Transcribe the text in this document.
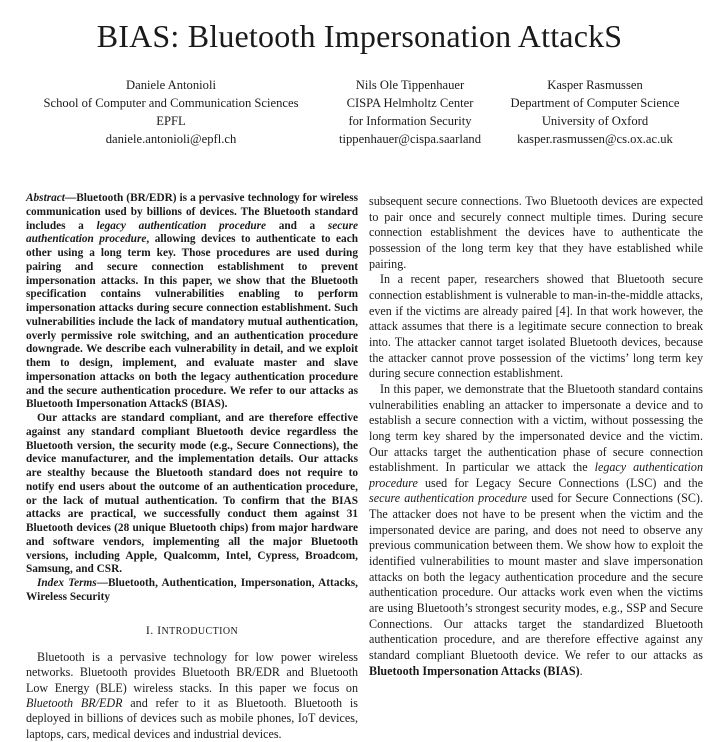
BIAS: Bluetooth Impersonation AttackS
Daniele Antonioli
School of Computer and Communication Sciences
EPFL
daniele.antonioli@epfl.ch
Nils Ole Tippenhauer
CISPA Helmholtz Center
for Information Security
tippenhauer@cispa.saarland
Kasper Rasmussen
Department of Computer Science
University of Oxford
kasper.rasmussen@cs.ox.ac.uk

Abstract—Bluetooth (BR/EDR) is a pervasive technology for wireless communication used by billions of devices. The Bluetooth standard includes a legacy authentication procedure and a secure authentication procedure, allowing devices to authenticate to each other using a long term key. Those procedures are used during pairing and secure connection establishment to prevent impersonation attacks. In this paper, we show that the Bluetooth specification contains vulnerabilities enabling to perform impersonation attacks during secure connection establishment. Such vulnerabilities include the lack of mandatory mutual authentication, overly permissive role switching, and an authentication procedure downgrade. We describe each vulnerability in detail, and we exploit them to design, implement, and evaluate master and slave impersonation attacks on both the legacy authentication procedure and the secure authentication procedure. We refer to our attacks as Bluetooth Impersonation AttackS (BIAS).

Our attacks are standard compliant, and are therefore effective against any standard compliant Bluetooth device regardless the Bluetooth version, the security mode (e.g., Secure Connections), the device manufacturer, and the implementation details. Our attacks are stealthy because the Bluetooth standard does not require to notify end users about the outcome of an authentication procedure, or the lack of mutual authentication. To confirm that the BIAS attacks are practical, we successfully conduct them against 31 Bluetooth devices (28 unique Bluetooth chips) from major hardware and software vendors, implementing all the major Bluetooth versions, including Apple, Qualcomm, Intel, Cypress, Broadcom, Samsung, and CSR.

Index Terms—Bluetooth, Authentication, Impersonation, Attacks, Wireless Security

I. INTRODUCTION

Bluetooth is a pervasive technology for low power wireless networks. Bluetooth provides Bluetooth BR/EDR and Bluetooth Low Energy (BLE) wireless stacks. In this paper we focus on Bluetooth BR/EDR and refer to it as Bluetooth. Bluetooth is deployed in billions of devices such as mobile phones, IoT devices, laptops, cars, medical devices and industrial devices.

subsequent secure connections. Two Bluetooth devices are expected to pair once and securely connect multiple times. During secure connection establishment the devices have to authenticate the possession of the long term key that they have established while pairing.

In a recent paper, researchers showed that Bluetooth secure connection establishment is vulnerable to man-in-the-middle attacks, even if the victims are already paired [4]. In that work however, the attack assumes that there is a legitimate secure connection to break into. The attacker cannot target isolated Bluetooth devices, because the attacker cannot prove possession of the victims’ long term key during secure connection establishment.

In this paper, we demonstrate that the Bluetooth standard contains vulnerabilities enabling an attacker to impersonate a device and to establish a secure connection with a victim, without possessing the long term key shared by the impersonated device and the victim. Our attacks target the authentication phase of secure connection establishment. In particular we attack the legacy authentication procedure used for Legacy Secure Connections (LSC) and the secure authentication procedure used for Secure Connections (SC). The attacker does not have to be present when the victim and the impersonated device are paring, and does not need to observe any previous communication between them. We show how to exploit the identified vulnerabilities to mount master and slave impersonation attacks on both the legacy authentication procedure and the secure authentication procedure. Our attacks work even when the victims are using Bluetooth’s strongest security modes, e.g., SSP and Secure Connections. Our attacks target the standardized Bluetooth authentication procedure, and are therefore effective against any standard compliant Bluetooth device. We refer to our attacks as Bluetooth Impersonation Attacks (BIAS).
